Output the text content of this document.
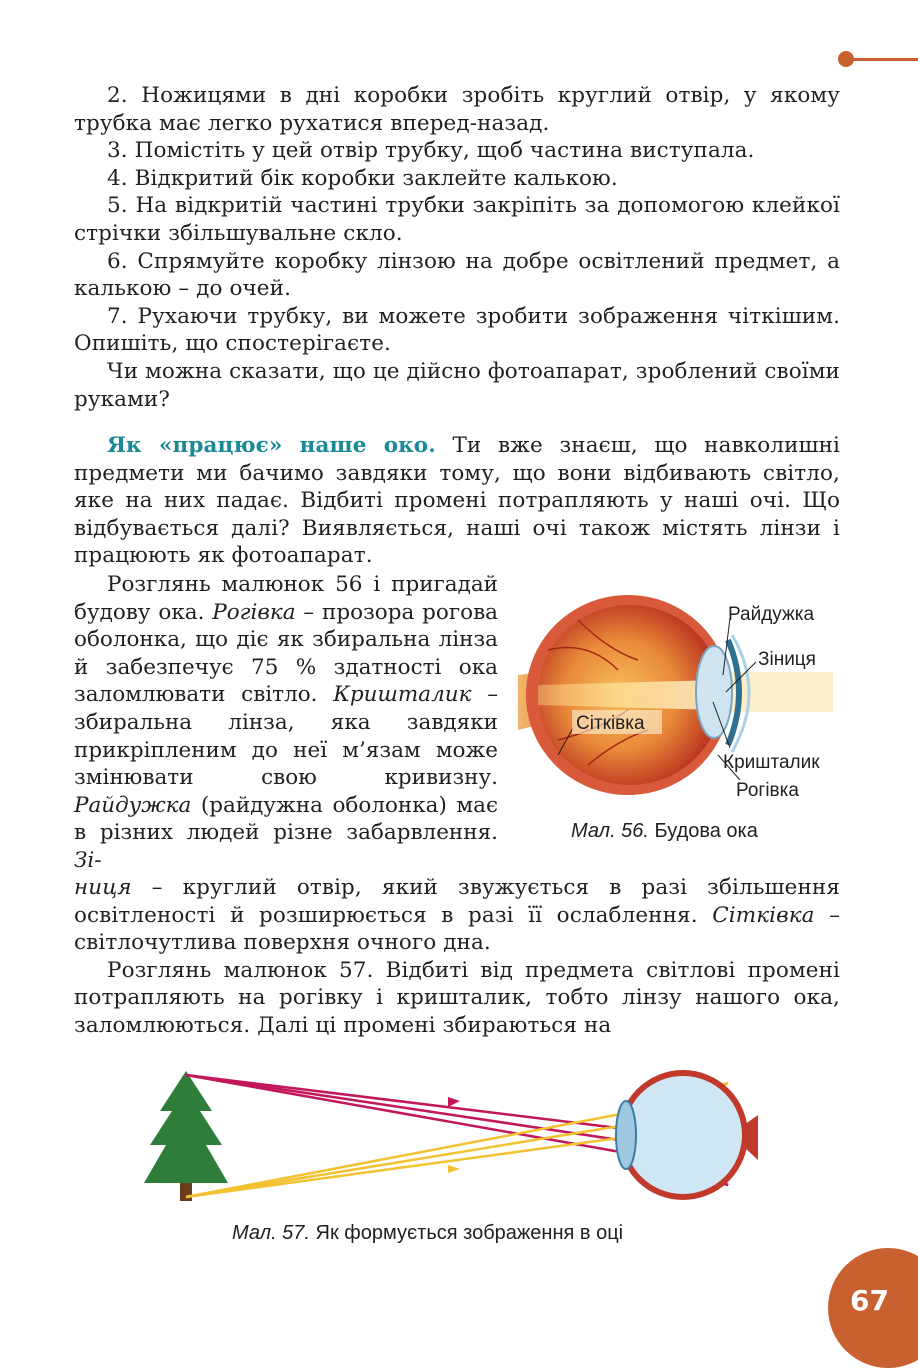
2. Ножицями в дні коробки зробіть круглий отвір, у якому трубка має легко рухатися вперед-назад.

3. Помістіть у цей отвір трубку, щоб частина виступала.

4. Відкритий бік коробки заклейте калькою.

5. На відкритій частині трубки закріпіть за допомогою клейкої стрічки збільшувальне скло.

6. Спрямуйте коробку лінзою на добре освітлений предмет, а калькою – до очей.

7. Рухаючи трубку, ви можете зробити зображення чіткішим. Опишіть, що спостерігаєте.

Чи можна сказати, що це дійсно фотоапарат, зроблений своїми руками?

Як «працює» наше око. Ти вже знаєш, що навколишні предмети ми бачимо завдяки тому, що вони відбивають світло, яке на них падає. Відбиті промені потрапляють у наші очі. Що відбувається далі? Виявляється, наші очі також містять лінзи і працюють як фотоапарат.

Розглянь малюнок 56 і пригадай будову ока. Рогівка – прозора рогова оболонка, що діє як збиральна лінза й забезпечує 75 % здатності ока заломлювати світло. Кришталик – збиральна лінза, яка завдяки прикріпленим до неї м’язам може змінювати свою кривизну. Райдужка (райдужна оболонка) має в різних людей різне забарвлення. Зі-

ниця – круглий отвір, який звужується в разі збільшення освітленості й розширюється в разі її ослаблення. Сітківка – світлочутлива поверхня очного дна.

Розглянь малюнок 57. Відбиті від предмета світлові промені потрапляють на рогівку і кришталик, тобто лінзу нашого ока, заломлюються. Далі ці промені збираються на

Райдужка
Зіниця
Сітківка
Кришталик
Рогівка
Мал. 56. Будова ока
Мал. 57. Як формується зображення в оці
67
